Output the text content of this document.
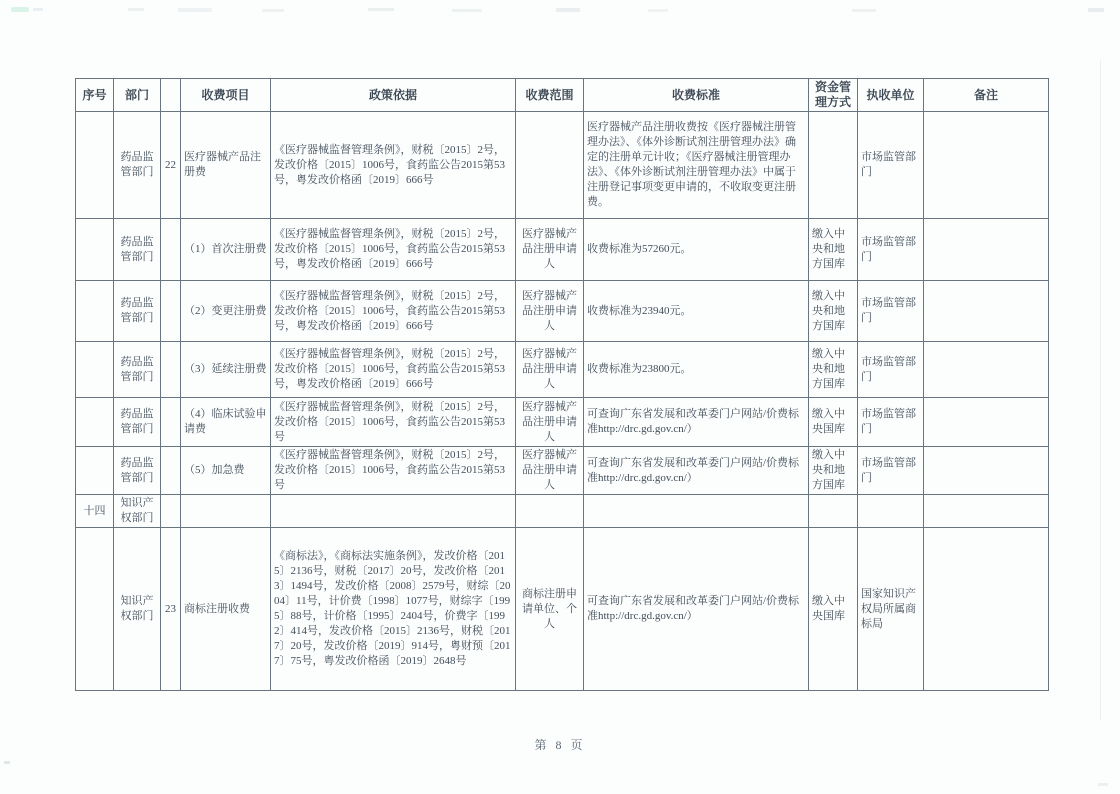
序号	部门		收费项目	政策依据	收费范围	收费标准	资金管理方式	执收单位	备注
	药品监管部门	22	医疗器械产品注册费	《医疗器械监督管理条例》，财税〔2015〕2号，发改价格〔2015〕1006号，食药监公告2015第53号，粤发改价格函〔2019〕666号		医疗器械产品注册收费按《医疗器械注册管理办法》、《体外诊断试剂注册管理办法》确定的注册单元计收；《医疗器械注册管理办法》、《体外诊断试剂注册管理办法》中属于注册登记事项变更申请的，不收取变更注册费。		市场监管部门	
	药品监管部门		（1）首次注册费	《医疗器械监督管理条例》，财税〔2015〕2号，发改价格〔2015〕1006号，食药监公告2015第53号，粤发改价格函〔2019〕666号	医疗器械产品注册申请人	收费标准为57260元。	缴入中央和地方国库	市场监管部门	
	药品监管部门		（2）变更注册费	《医疗器械监督管理条例》，财税〔2015〕2号，发改价格〔2015〕1006号，食药监公告2015第53号，粤发改价格函〔2019〕666号	医疗器械产品注册申请人	收费标准为23940元。	缴入中央和地方国库	市场监管部门	
	药品监管部门		（3）延续注册费	《医疗器械监督管理条例》，财税〔2015〕2号，发改价格〔2015〕1006号，食药监公告2015第53号，粤发改价格函〔2019〕666号	医疗器械产品注册申请人	收费标准为23800元。	缴入中央和地方国库	市场监管部门	
	药品监管部门		（4）临床试验申请费	《医疗器械监督管理条例》，财税〔2015〕2号，发改价格〔2015〕1006号，食药监公告2015第53号	医疗器械产品注册申请人	可查询广东省发展和改革委门户网站/价费标准http://drc.gd.gov.cn/）	缴入中央国库	市场监管部门	
	药品监管部门		（5）加急费	《医疗器械监督管理条例》，财税〔2015〕2号，发改价格〔2015〕1006号，食药监公告2015第53号	医疗器械产品注册申请人	可查询广东省发展和改革委门户网站/价费标准http://drc.gd.gov.cn/）	缴入中央和地方国库	市场监管部门	
十四	知识产权部门								
	知识产权部门	23	商标注册收费	《商标法》，《商标法实施条例》，发改价格〔2015〕2136号，财税〔2017〕20号，发改价格〔2013〕1494号，发改价格〔2008〕2579号，财综〔2004〕11号，计价费〔1998〕1077号，财综字〔1995〕88号，计价格〔1995〕2404号，价费字〔1992〕414号，发改价格〔2015〕2136号，财税〔2017〕20号，发改价格〔2019〕914号，粤财预〔2017〕75号，粤发改价格函〔2019〕2648号	商标注册申请单位、个人	可查询广东省发展和改革委门户网站/价费标准http://drc.gd.gov.cn/）	缴入中央国库	国家知识产权局所属商标局	
第 8 页
